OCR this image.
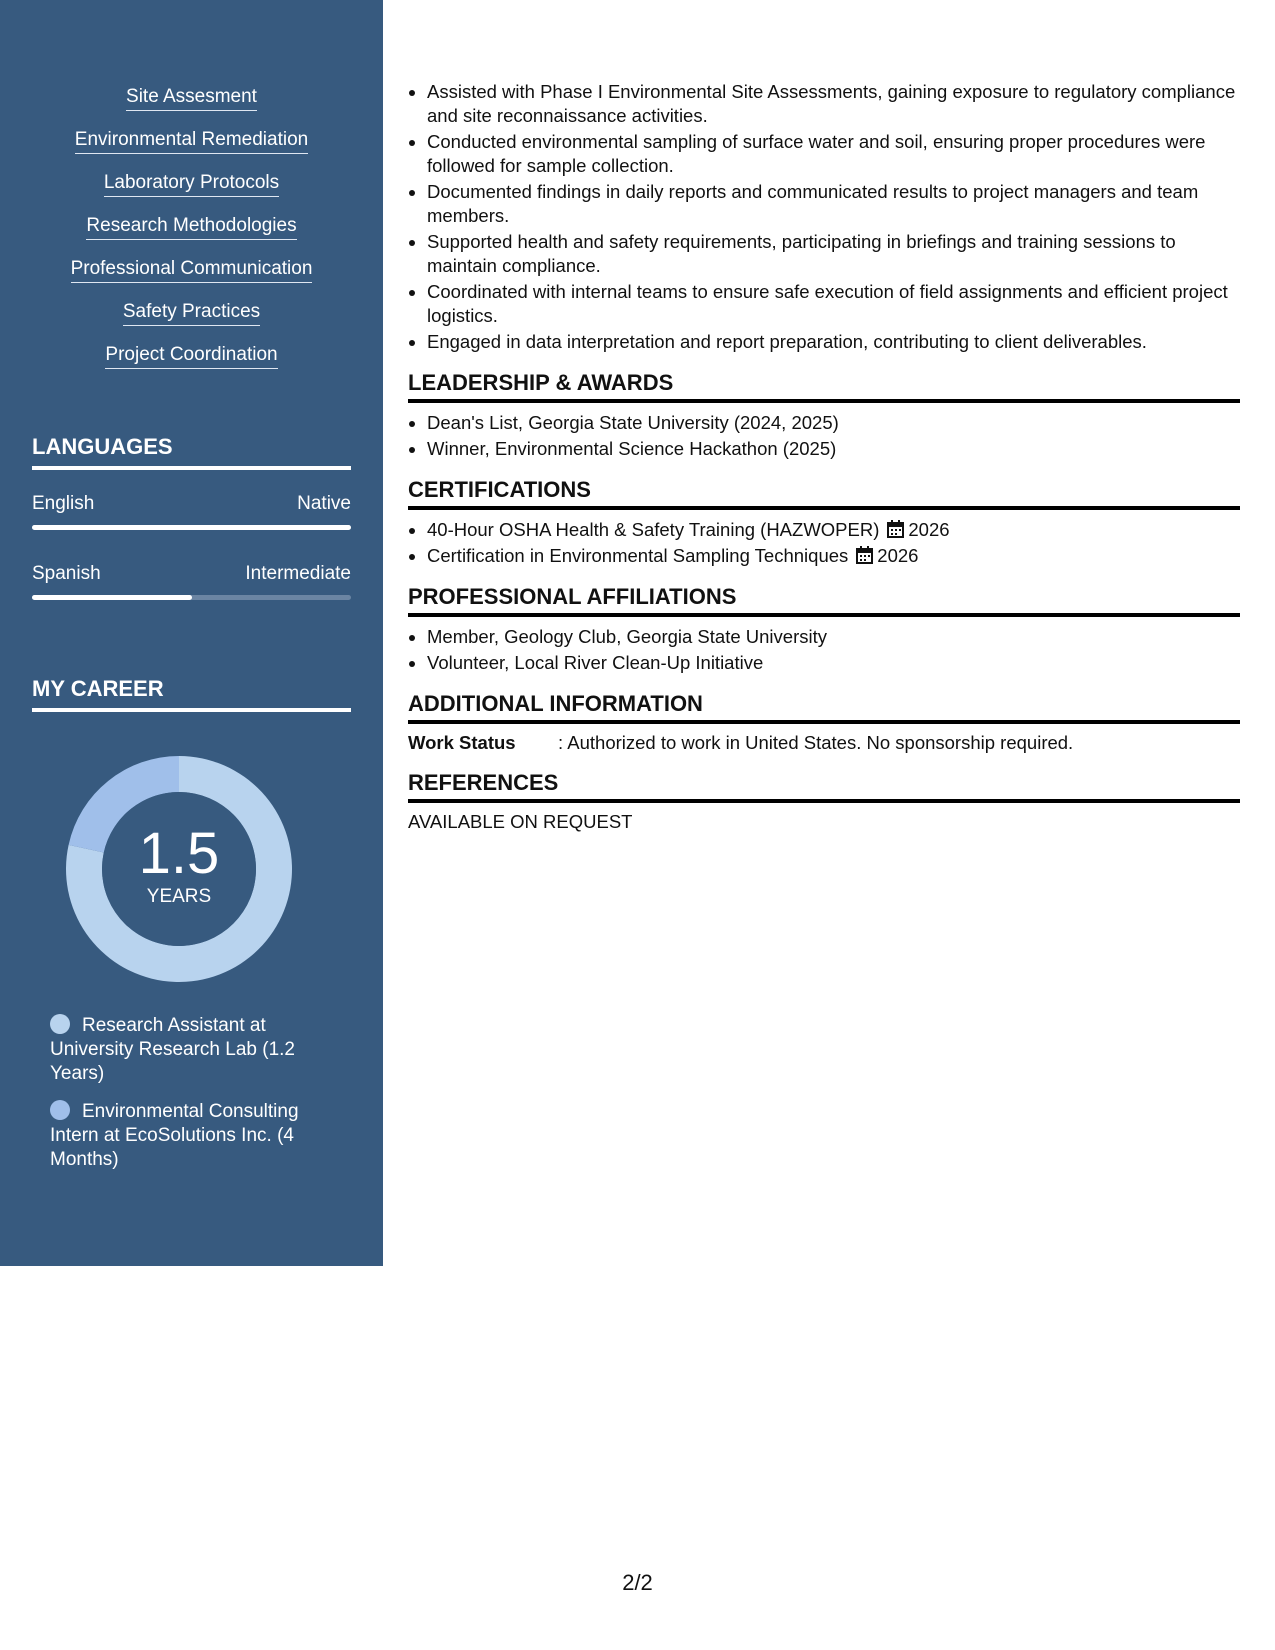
Site Assesment
Environmental Remediation
Laboratory Protocols
Research Methodologies
Professional Communication
Safety Practices
Project Coordination
LANGUAGES
English	Native
Spanish	Intermediate
MY CAREER
1.5
YEARS
Research Assistant at University Research Lab (1.2 Years)
Environmental Consulting Intern at EcoSolutions Inc. (4 Months)
• Assisted with Phase I Environmental Site Assessments, gaining exposure to regulatory compliance and site reconnaissance activities.
• Conducted environmental sampling of surface water and soil, ensuring proper procedures were followed for sample collection.
• Documented findings in daily reports and communicated results to project managers and team members.
• Supported health and safety requirements, participating in briefings and training sessions to maintain compliance.
• Coordinated with internal teams to ensure safe execution of field assignments and efficient project logistics.
• Engaged in data interpretation and report preparation, contributing to client deliverables.
LEADERSHIP & AWARDS
• Dean's List, Georgia State University (2024, 2025)
• Winner, Environmental Science Hackathon (2025)
CERTIFICATIONS
• 40-Hour OSHA Health & Safety Training (HAZWOPER) 2026
• Certification in Environmental Sampling Techniques 2026
PROFESSIONAL AFFILIATIONS
• Member, Geology Club, Georgia State University
• Volunteer, Local River Clean-Up Initiative
ADDITIONAL INFORMATION
Work Status	: Authorized to work in United States. No sponsorship required.
REFERENCES
AVAILABLE ON REQUEST
2/2
